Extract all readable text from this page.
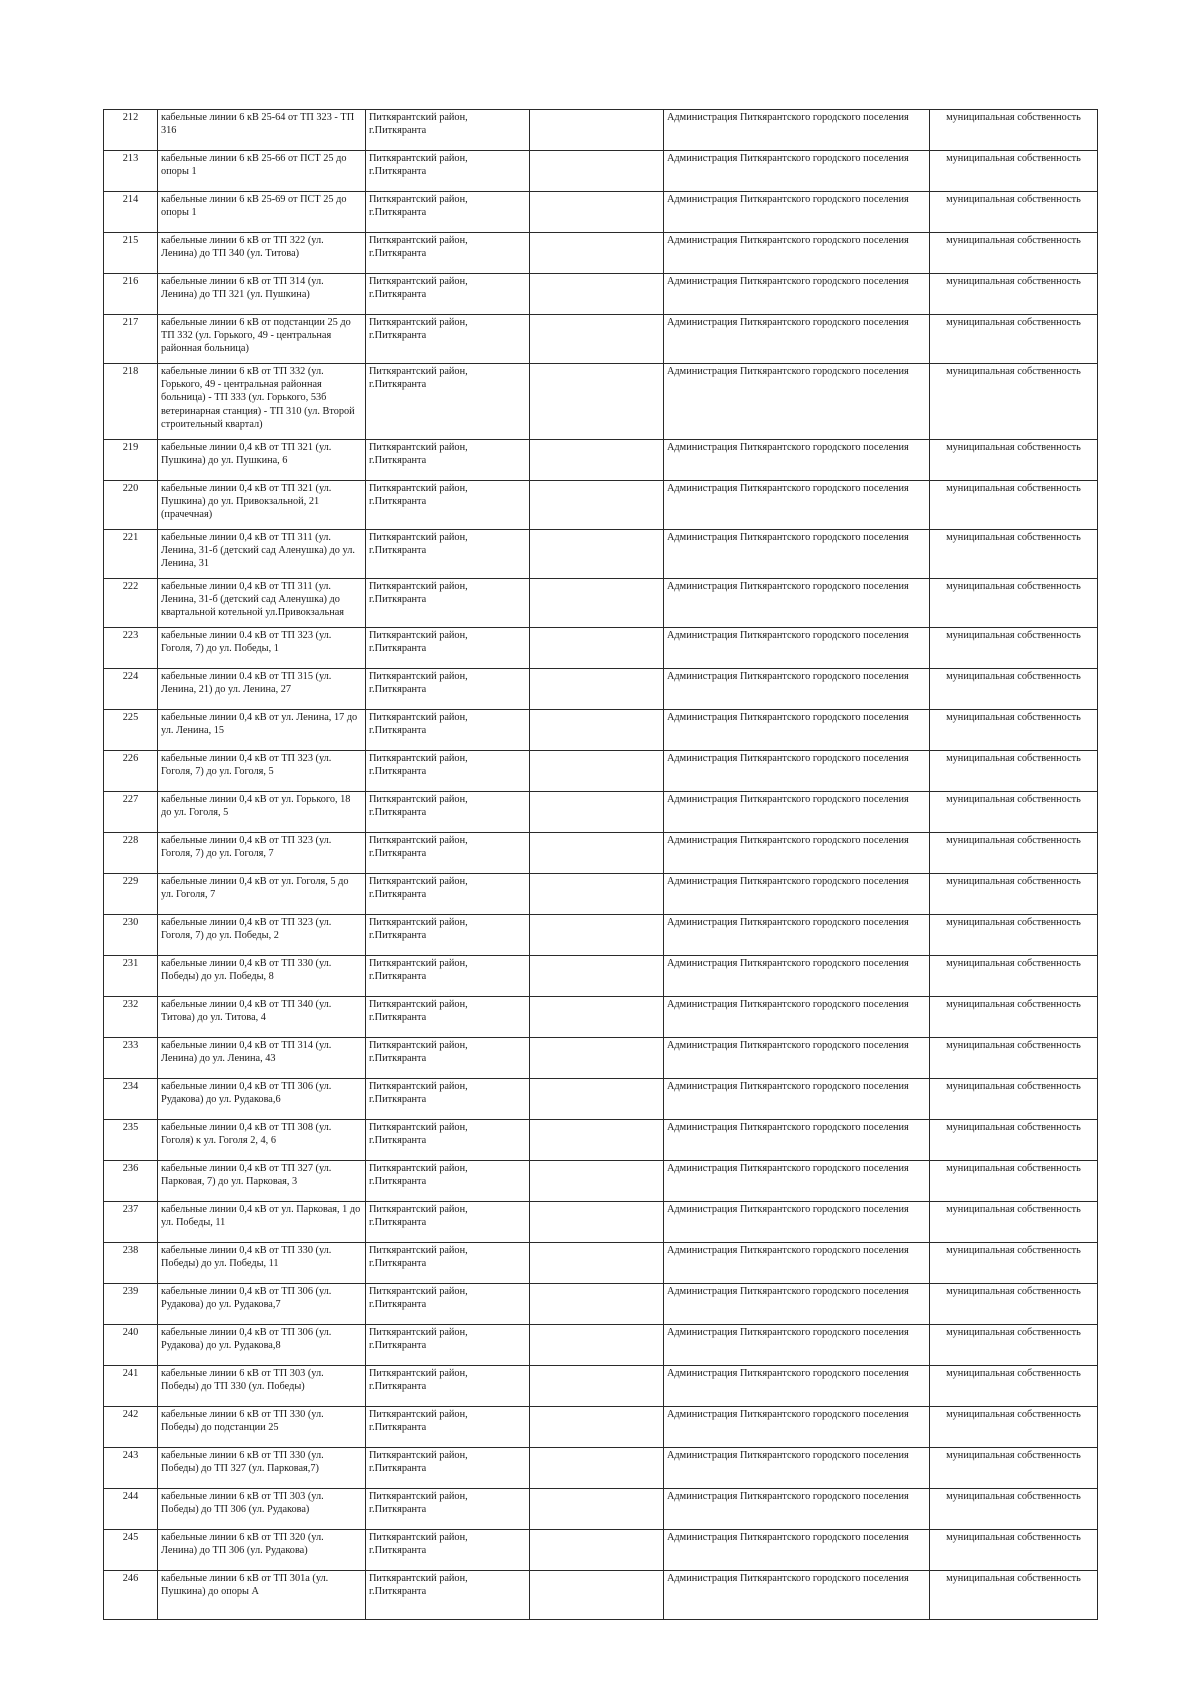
212	кабельные линии 6 кВ 25-64 от ТП 323 - ТП 316	Питкярантский район, г.Питкяранта		Администрация Питкярантского городского поселения	муниципальная собственность
213	кабельные линии 6 кВ 25-66 от ПСТ 25 до опоры 1	Питкярантский район, г.Питкяранта		Администрация Питкярантского городского поселения	муниципальная собственность
214	кабельные линии 6 кВ 25-69 от ПСТ 25 до опоры 1	Питкярантский район, г.Питкяранта		Администрация Питкярантского городского поселения	муниципальная собственность
215	кабельные линии 6 кВ от ТП 322 (ул. Ленина) до ТП 340 (ул. Титова)	Питкярантский район, г.Питкяранта		Администрация Питкярантского городского поселения	муниципальная собственность
216	кабельные линии 6 кВ от ТП 314 (ул. Ленина) до ТП 321 (ул. Пушкина)	Питкярантский район, г.Питкяранта		Администрация Питкярантского городского поселения	муниципальная собственность
217	кабельные линии 6 кВ от подстанции 25 до ТП 332 (ул. Горького, 49 - центральная районная больница)	Питкярантский район, г.Питкяранта		Администрация Питкярантского городского поселения	муниципальная собственность
218	кабельные линии 6 кВ от ТП 332 (ул. Горького, 49 - центральная районная больница) - ТП 333 (ул. Горького, 53б ветеринарная станция) - ТП 310 (ул. Второй строительный квартал)	Питкярантский район, г.Питкяранта		Администрация Питкярантского городского поселения	муниципальная собственность
219	кабельные линии 0,4 кВ от ТП 321 (ул. Пушкина) до ул. Пушкина, 6	Питкярантский район, г.Питкяранта		Администрация Питкярантского городского поселения	муниципальная собственность
220	кабельные линии 0,4 кВ от ТП 321 (ул. Пушкина) до ул. Привокзальной, 21 (прачечная)	Питкярантский район, г.Питкяранта		Администрация Питкярантского городского поселения	муниципальная собственность
221	кабельные линии 0,4 кВ от ТП 311 (ул. Ленина, 31-б (детский сад Аленушка) до ул. Ленина, 31	Питкярантский район, г.Питкяранта		Администрация Питкярантского городского поселения	муниципальная собственность
222	кабельные линии 0,4 кВ от ТП 311 (ул. Ленина, 31-б (детский сад Аленушка) до квартальной котельной ул.Привокзальная	Питкярантский район, г.Питкяранта		Администрация Питкярантского городского поселения	муниципальная собственность
223	кабельные линии 0.4 кВ от ТП 323 (ул. Гоголя, 7) до ул. Победы, 1	Питкярантский район, г.Питкяранта		Администрация Питкярантского городского поселения	муниципальная собственность
224	кабельные линии 0.4 кВ от ТП 315 (ул. Ленина, 21) до ул. Ленина, 27	Питкярантский район, г.Питкяранта		Администрация Питкярантского городского поселения	муниципальная собственность
225	кабельные линии 0,4 кВ от ул. Ленина, 17 до ул. Ленина, 15	Питкярантский район, г.Питкяранта		Администрация Питкярантского городского поселения	муниципальная собственность
226	кабельные линии 0,4 кВ от ТП 323 (ул. Гоголя, 7) до ул. Гоголя, 5	Питкярантский район, г.Питкяранта		Администрация Питкярантского городского поселения	муниципальная собственность
227	кабельные линии 0,4 кВ от ул. Горького, 18 до ул. Гоголя, 5	Питкярантский район, г.Питкяранта		Администрация Питкярантского городского поселения	муниципальная собственность
228	кабельные линии 0,4 кВ от ТП 323 (ул. Гоголя, 7) до ул. Гоголя, 7	Питкярантский район, г.Питкяранта		Администрация Питкярантского городского поселения	муниципальная собственность
229	кабельные линии 0,4 кВ от ул. Гоголя, 5 до ул. Гоголя, 7	Питкярантский район, г.Питкяранта		Администрация Питкярантского городского поселения	муниципальная собственность
230	кабельные линии 0,4 кВ от ТП 323 (ул. Гоголя, 7) до ул. Победы, 2	Питкярантский район, г.Питкяранта		Администрация Питкярантского городского поселения	муниципальная собственность
231	кабельные линии 0,4 кВ от ТП 330 (ул. Победы) до ул. Победы, 8	Питкярантский район, г.Питкяранта		Администрация Питкярантского городского поселения	муниципальная собственность
232	кабельные линии 0,4 кВ от ТП 340 (ул. Титова) до ул. Титова, 4	Питкярантский район, г.Питкяранта		Администрация Питкярантского городского поселения	муниципальная собственность
233	кабельные линии 0,4 кВ от ТП 314 (ул. Ленина) до ул. Ленина, 43	Питкярантский район, г.Питкяранта		Администрация Питкярантского городского поселения	муниципальная собственность
234	кабельные линии 0,4 кВ от ТП 306 (ул. Рудакова) до ул. Рудакова,6	Питкярантский район, г.Питкяранта		Администрация Питкярантского городского поселения	муниципальная собственность
235	кабельные линии 0,4 кВ от ТП 308 (ул. Гоголя) к ул. Гоголя 2, 4, 6	Питкярантский район, г.Питкяранта		Администрация Питкярантского городского поселения	муниципальная собственность
236	кабельные линии 0,4 кВ от ТП 327 (ул. Парковая, 7) до ул. Парковая, 3	Питкярантский район, г.Питкяранта		Администрация Питкярантского городского поселения	муниципальная собственность
237	кабельные линии 0,4 кВ от ул. Парковая, 1 до ул. Победы, 11	Питкярантский район, г.Питкяранта		Администрация Питкярантского городского поселения	муниципальная собственность
238	кабельные линии 0,4 кВ от ТП 330 (ул. Победы) до ул. Победы, 11	Питкярантский район, г.Питкяранта		Администрация Питкярантского городского поселения	муниципальная собственность
239	кабельные линии 0,4 кВ от ТП 306 (ул. Рудакова) до ул. Рудакова,7	Питкярантский район, г.Питкяранта		Администрация Питкярантского городского поселения	муниципальная собственность
240	кабельные линии 0,4 кВ от ТП 306 (ул. Рудакова) до ул. Рудакова,8	Питкярантский район, г.Питкяранта		Администрация Питкярантского городского поселения	муниципальная собственность
241	кабельные линии 6 кВ от ТП 303 (ул. Победы) до ТП 330 (ул. Победы)	Питкярантский район, г.Питкяранта		Администрация Питкярантского городского поселения	муниципальная собственность
242	кабельные линии 6 кВ от ТП 330 (ул. Победы) до подстанции 25	Питкярантский район, г.Питкяранта		Администрация Питкярантского городского поселения	муниципальная собственность
243	кабельные линии 6 кВ от ТП 330 (ул. Победы) до ТП 327 (ул. Парковая,7)	Питкярантский район, г.Питкяранта		Администрация Питкярантского городского поселения	муниципальная собственность
244	кабельные линии 6 кВ от ТП 303 (ул. Победы) до ТП 306 (ул. Рудакова)	Питкярантский район, г.Питкяранта		Администрация Питкярантского городского поселения	муниципальная собственность
245	кабельные линии 6 кВ от ТП 320 (ул. Ленина) до ТП 306 (ул. Рудакова)	Питкярантский район, г.Питкяранта		Администрация Питкярантского городского поселения	муниципальная собственность
246	кабельные линии 6 кВ от ТП 301а (ул. Пушкина) до опоры А	Питкярантский район, г.Питкяранта		Администрация Питкярантского городского поселения	муниципальная собственность
